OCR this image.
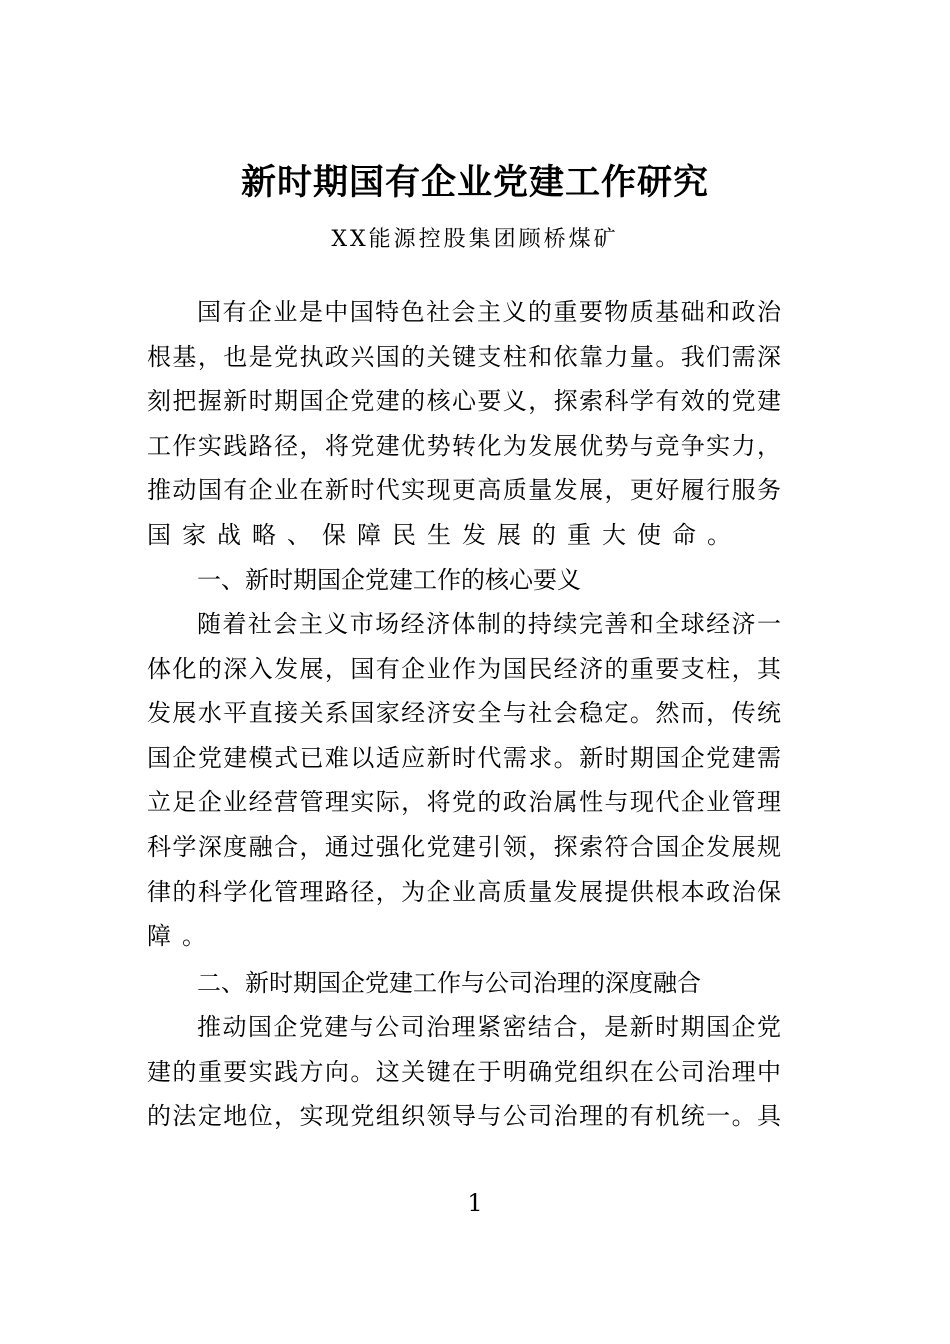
新时期国有企业党建工作研究
XX能源控股集团顾桥煤矿
国有企业是中国特色社会主义的重要物质基础和政治
根基，也是党执政兴国的关键支柱和依靠力量。我们需深
刻把握新时期国企党建的核心要义，探索科学有效的党建
工作实践路径，将党建优势转化为发展优势与竞争实力，
推动国有企业在新时代实现更高质量发展，更好履行服务
国家战略、保障民生发展的重大使命。
一、新时期国企党建工作的核心要义
随着社会主义市场经济体制的持续完善和全球经济一
体化的深入发展，国有企业作为国民经济的重要支柱，其
发展水平直接关系国家经济安全与社会稳定。然而，传统
国企党建模式已难以适应新时代需求。新时期国企党建需
立足企业经营管理实际，将党的政治属性与现代企业管理
科学深度融合，通过强化党建引领，探索符合国企发展规
律的科学化管理路径，为企业高质量发展提供根本政治保
障。
二、新时期国企党建工作与公司治理的深度融合
推动国企党建与公司治理紧密结合，是新时期国企党
建的重要实践方向。这关键在于明确党组织在公司治理中
的法定地位，实现党组织领导与公司治理的有机统一。具
1
